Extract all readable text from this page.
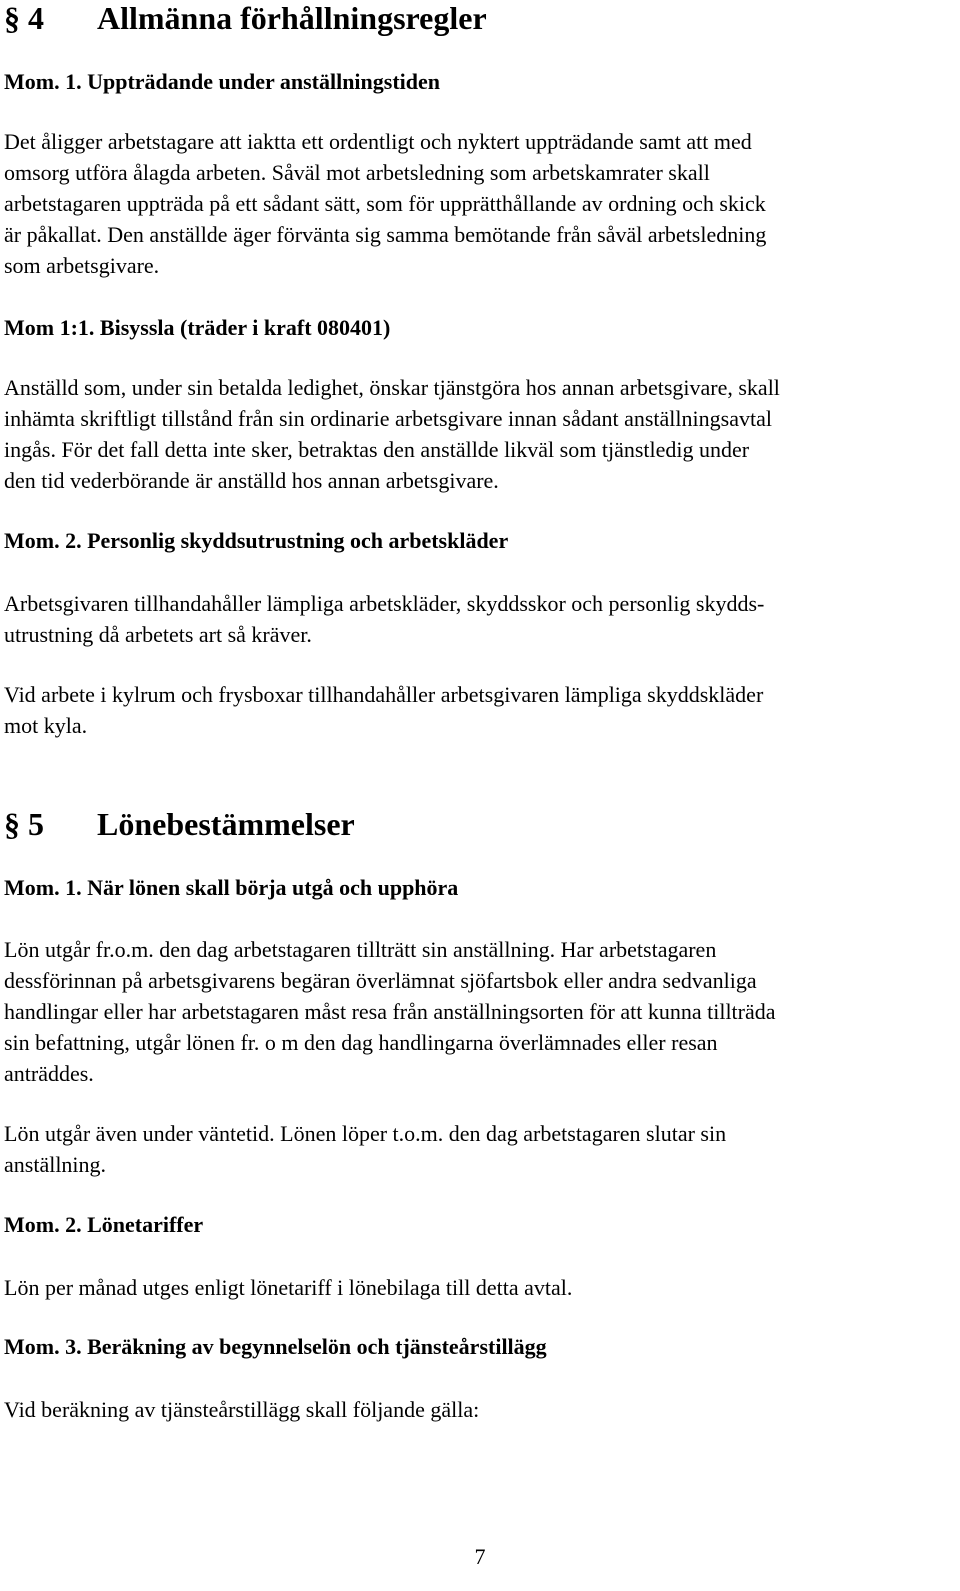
§ 4 Allmänna förhållningsregler
Mom. 1. Uppträdande under anställningstiden
Det åligger arbetstagare att iaktta ett ordentligt och nyktert uppträdande samt att med
omsorg utföra ålagda arbeten. Såväl mot arbetsledning som arbetskamrater skall
arbetstagaren uppträda på ett sådant sätt, som för upprätthållande av ordning och skick
är påkallat. Den anställde äger förvänta sig samma bemötande från såväl arbetsledning
som arbetsgivare.
Mom 1:1. Bisyssla (träder i kraft 080401)
Anställd som, under sin betalda ledighet, önskar tjänstgöra hos annan arbetsgivare, skall
inhämta skriftligt tillstånd från sin ordinarie arbetsgivare innan sådant anställningsavtal
ingås. För det fall detta inte sker, betraktas den anställde likväl som tjänstledig under
den tid vederbörande är anställd hos annan arbetsgivare.
Mom. 2. Personlig skyddsutrustning och arbetskläder
Arbetsgivaren tillhandahåller lämpliga arbetskläder, skyddsskor och personlig skydds-
utrustning då arbetets art så kräver.
Vid arbete i kylrum och frysboxar tillhandahåller arbetsgivaren lämpliga skyddskläder
mot kyla.
§ 5 Lönebestämmelser
Mom. 1. När lönen skall börja utgå och upphöra
Lön utgår fr.o.m. den dag arbetstagaren tillträtt sin anställning. Har arbetstagaren
dessförinnan på arbetsgivarens begäran överlämnat sjöfartsbok eller andra sedvanliga
handlingar eller har arbetstagaren måst resa från anställningsorten för att kunna tillträda
sin befattning, utgår lönen fr. o m den dag handlingarna överlämnades eller resan
anträddes.
Lön utgår även under väntetid. Lönen löper t.o.m. den dag arbetstagaren slutar sin
anställning.
Mom. 2. Lönetariffer
Lön per månad utges enligt lönetariff i lönebilaga till detta avtal.
Mom. 3. Beräkning av begynnelselön och tjänsteårstillägg
Vid beräkning av tjänsteårstillägg skall följande gälla:
7
